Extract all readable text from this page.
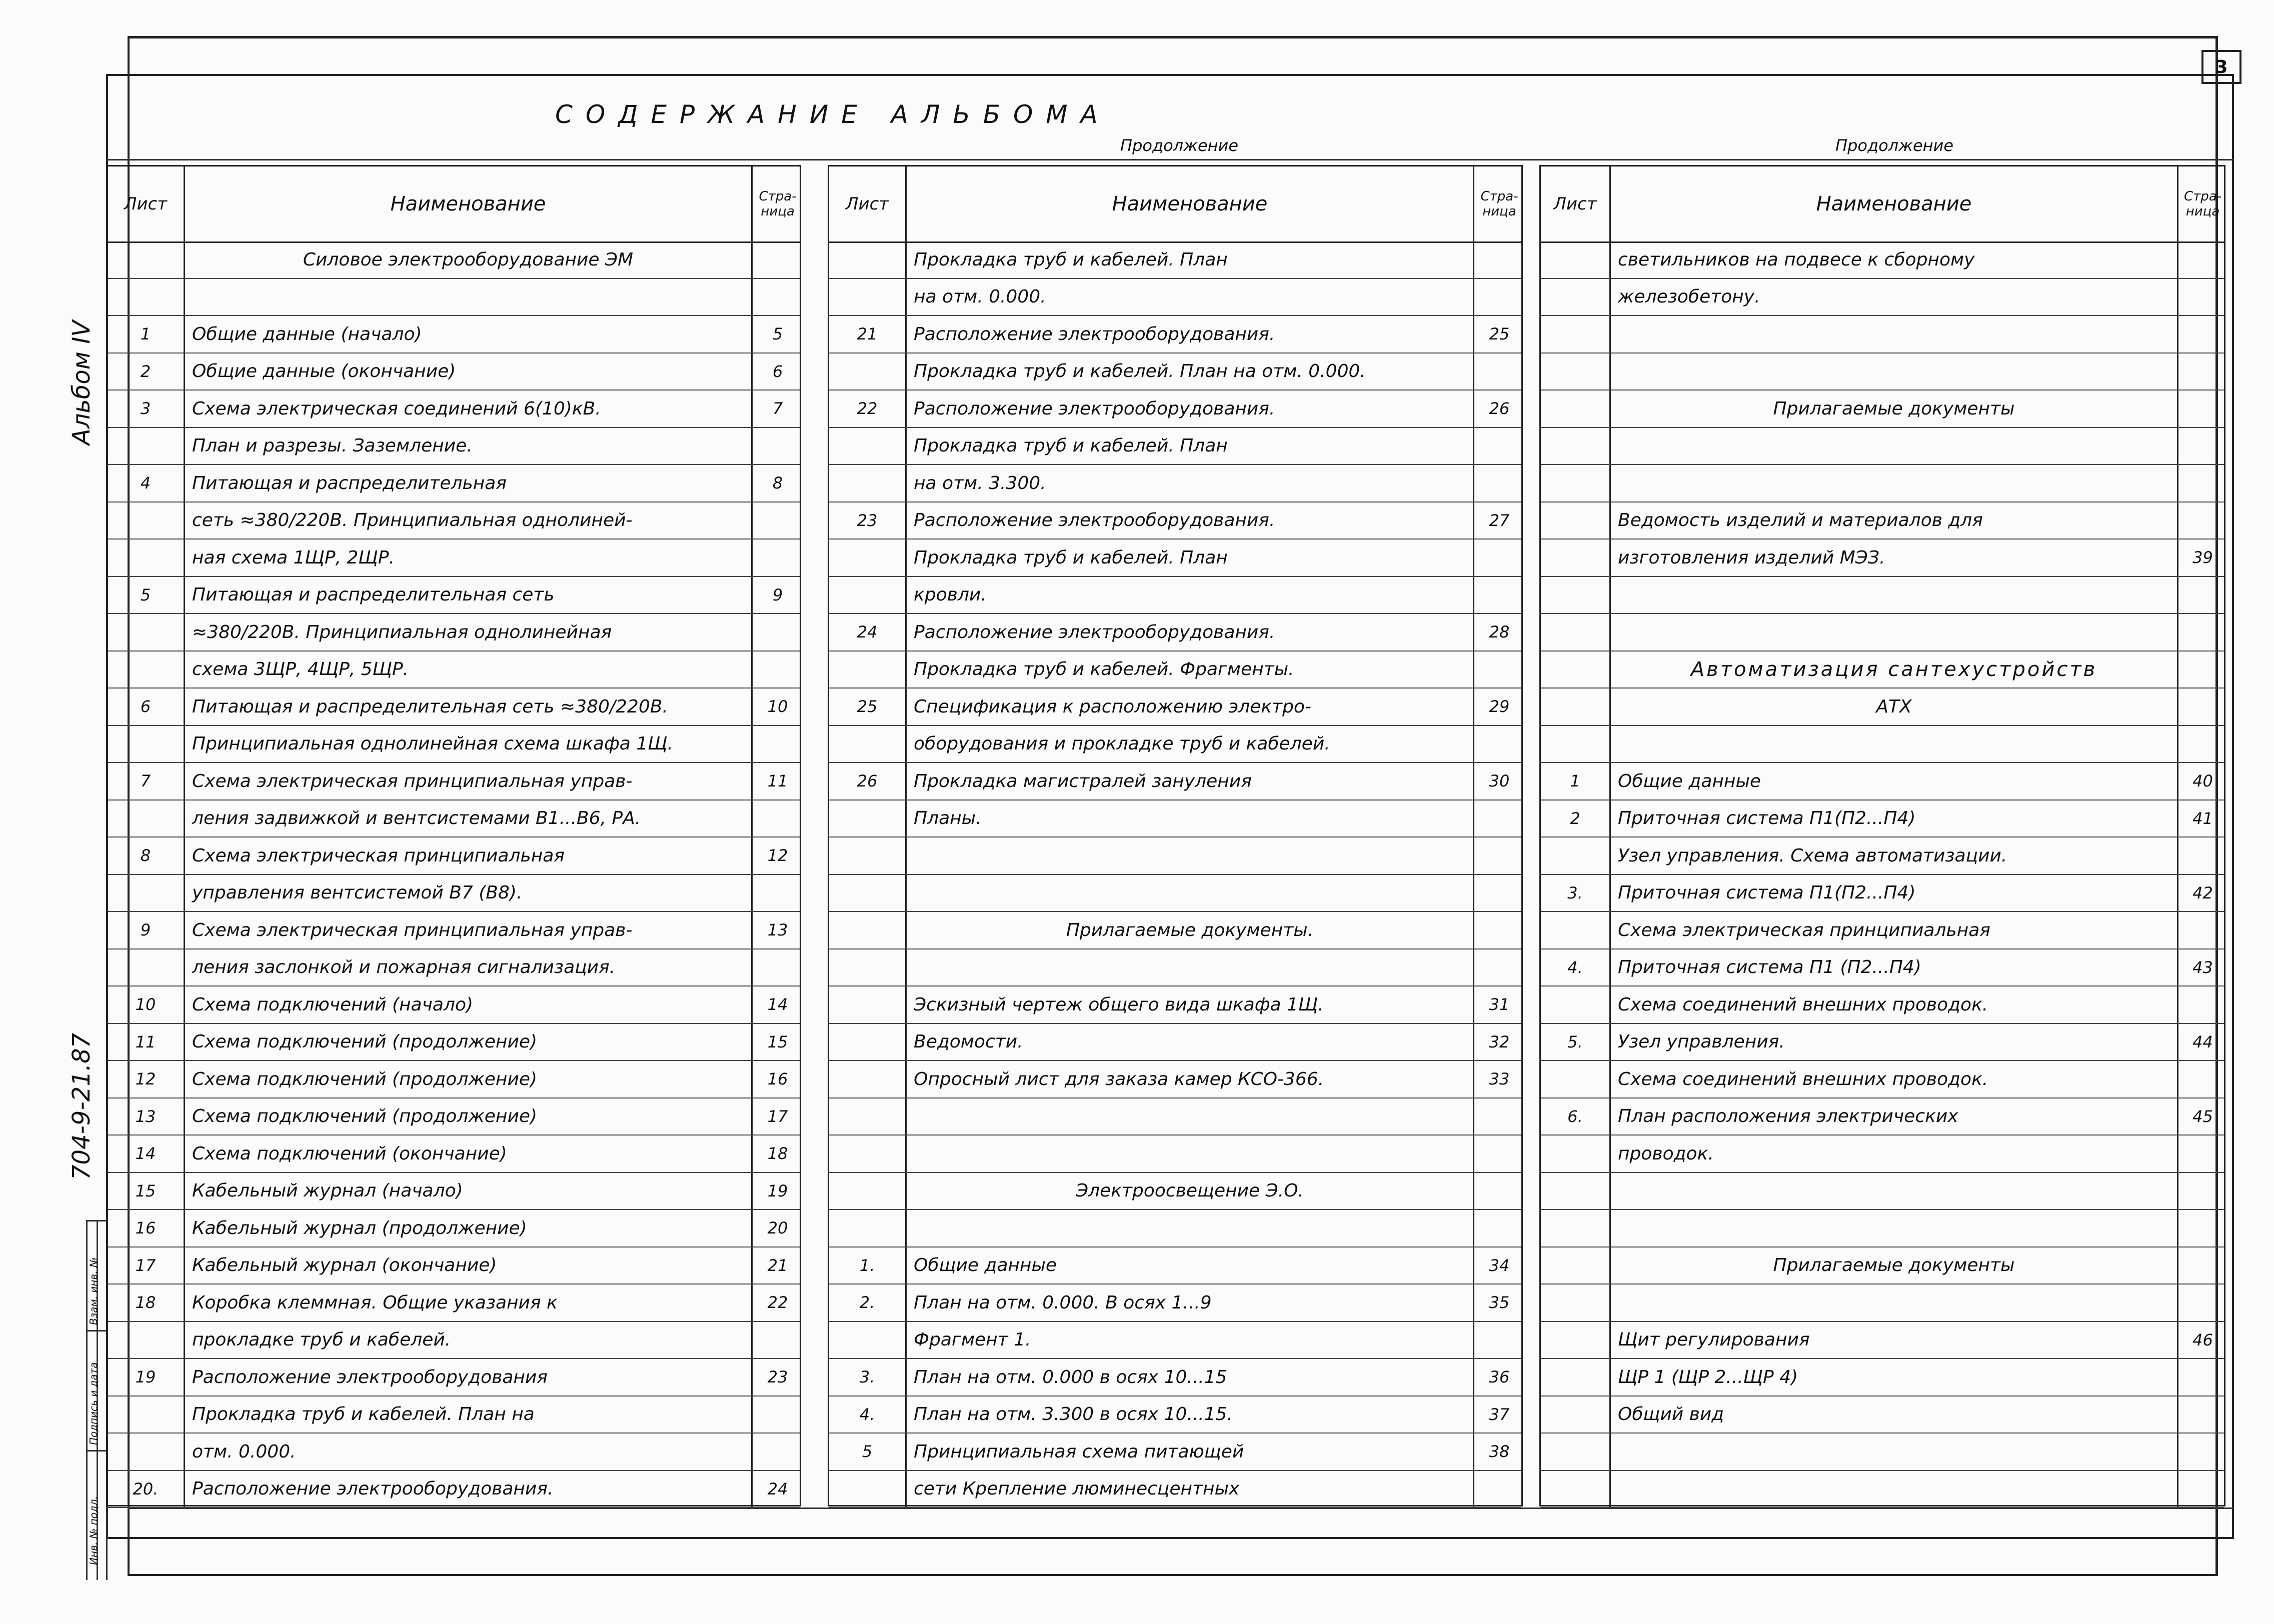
3
СОДЕРЖАНИЕ АЛЬБОМА
Продолжение	Продолжение
Альбом IV
704-9-21.87
Инв. № подл.
Подпись и дата
Взам. инв. №
Лист	Наименование	Стра-ница
Силовое электрооборудование ЭМ
1	Общие данные (начало)	5
2	Общие данные (окончание)	6
3	Схема электрическая соединений 6(10)кВ.	7
План и разрезы. Заземление.
4	Питающая и распределительная	8
сеть ≈380/220В. Принципиальная однолиней-
ная схема 1ЩР, 2ЩР.
5	Питающая и распределительная сеть	9
≈380/220В. Принципиальная однолинейная
схема 3ЩР, 4ЩР, 5ЩР.
6	Питающая и распределительная сеть ≈380/220В.	10
Принципиальная однолинейная схема шкафа 1Щ.
7	Схема электрическая принципиальная управ-	11
ления задвижкой и вентсистемами В1...В6, РА.
8	Схема электрическая принципиальная	12
управления вентсистемой В7 (В8).
9	Схема электрическая принципиальная управ-	13
ления заслонкой и пожарная сигнализация.
10	Схема подключений (начало)	14
11	Схема подключений (продолжение)	15
12	Схема подключений (продолжение)	16
13	Схема подключений (продолжение)	17
14	Схема подключений (окончание)	18
15	Кабельный журнал (начало)	19
16	Кабельный журнал (продолжение)	20
17	Кабельный журнал (окончание)	21
18	Коробка клеммная. Общие указания к	22
прокладке труб и кабелей.
19	Расположение электрооборудования	23
Прокладка труб и кабелей. План на
отм. 0.000.
20.	Расположение электрооборудования.	24
Лист	Наименование	Стра-ница
Прокладка труб и кабелей. План
на отм. 0.000.
21	Расположение электрооборудования.	25
Прокладка труб и кабелей. План на отм. 0.000.
22	Расположение электрооборудования.	26
Прокладка труб и кабелей. План
на отм. 3.300.
23	Расположение электрооборудования.	27
Прокладка труб и кабелей. План
кровли.
24	Расположение электрооборудования.	28
Прокладка труб и кабелей. Фрагменты.
25	Спецификация к расположению электро-	29
оборудования и прокладке труб и кабелей.
26	Прокладка магистралей зануления	30
Планы.
Прилагаемые документы.
Эскизный чертеж общего вида шкафа 1Щ.	31
Ведомости.	32
Опросный лист для заказа камер КСО-366.	33
Электроосвещение Э.О.
1.	Общие данные	34
2.	План на отм. 0.000. В осях 1...9	35
Фрагмент 1.
3.	План на отм. 0.000 в осях 10...15	36
4.	План на отм. 3.300 в осях 10...15.	37
5	Принципиальная схема питающей	38
сети Крепление люминесцентных
Лист	Наименование	Стра-ница
светильников на подвесе к сборному
железобетону.
Прилагаемые документы
Ведомость изделий и материалов для
изготовления изделий МЭЗ.	39
Автоматизация сантехустройств
АТХ
1	Общие данные	40
2	Приточная система П1(П2...П4)	41
Узел управления. Схема автоматизации.
3.	Приточная система П1(П2...П4)	42
Схема электрическая принципиальная
4.	Приточная система П1 (П2...П4)	43
Схема соединений внешних проводок.
5.	Узел управления.	44
Схема соединений внешних проводок.
6.	План расположения электрических	45
проводок.
Прилагаемые документы
Щит регулирования	46
ЩР 1 (ЩР 2...ЩР 4)
Общий вид
